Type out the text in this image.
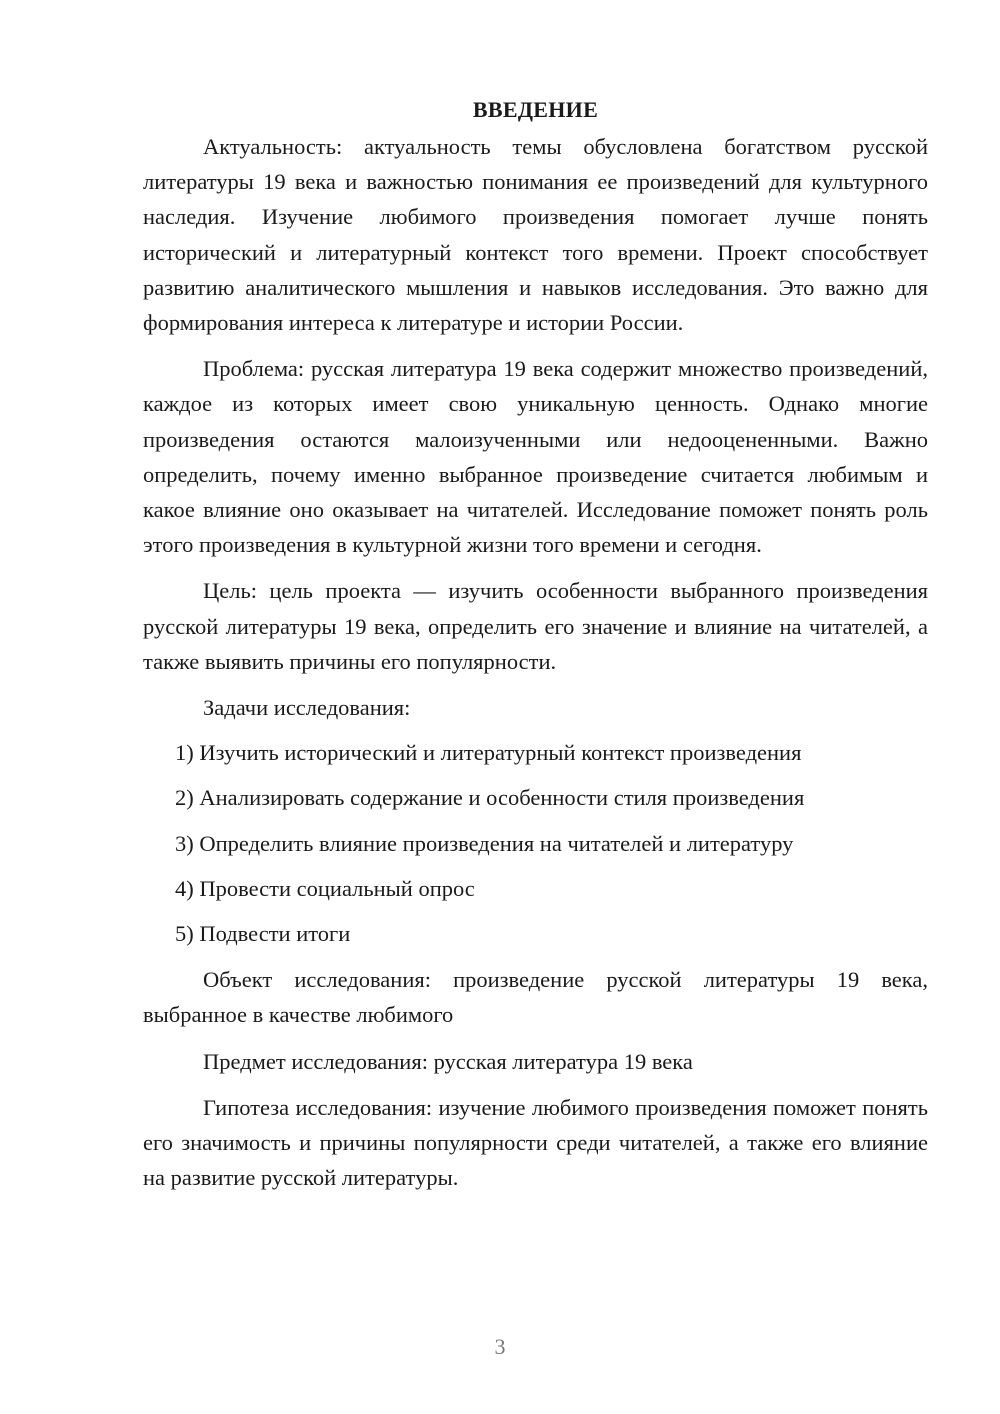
ВВЕДЕНИЕ

Актуальность: актуальность темы обусловлена богатством русской литературы 19 века и важностью понимания ее произведений для культурного наследия. Изучение любимого произведения помогает лучше понять исторический и литературный контекст того времени. Проект способствует развитию аналитического мышления и навыков исследования. Это важно для формирования интереса к литературе и истории России.

Проблема: русская литература 19 века содержит множество произведений, каждое из которых имеет свою уникальную ценность. Однако многие произведения остаются малоизученными или недооцененными. Важно определить, почему именно выбранное произведение считается любимым и какое влияние оно оказывает на читателей. Исследование поможет понять роль этого произведения в культурной жизни того времени и сегодня.

Цель: цель проекта — изучить особенности выбранного произведения русской литературы 19 века, определить его значение и влияние на читателей, а также выявить причины его популярности.

Задачи исследования:

1) Изучить исторический и литературный контекст произведения
2) Анализировать содержание и особенности стиля произведения
3) Определить влияние произведения на читателей и литературу
4) Провести социальный опрос
5) Подвести итоги

Объект исследования: произведение русской литературы 19 века, выбранное в качестве любимого

Предмет исследования: русская литература 19 века

Гипотеза исследования: изучение любимого произведения поможет понять его значимость и причины популярности среди читателей, а также его влияние на развитие русской литературы.

3
